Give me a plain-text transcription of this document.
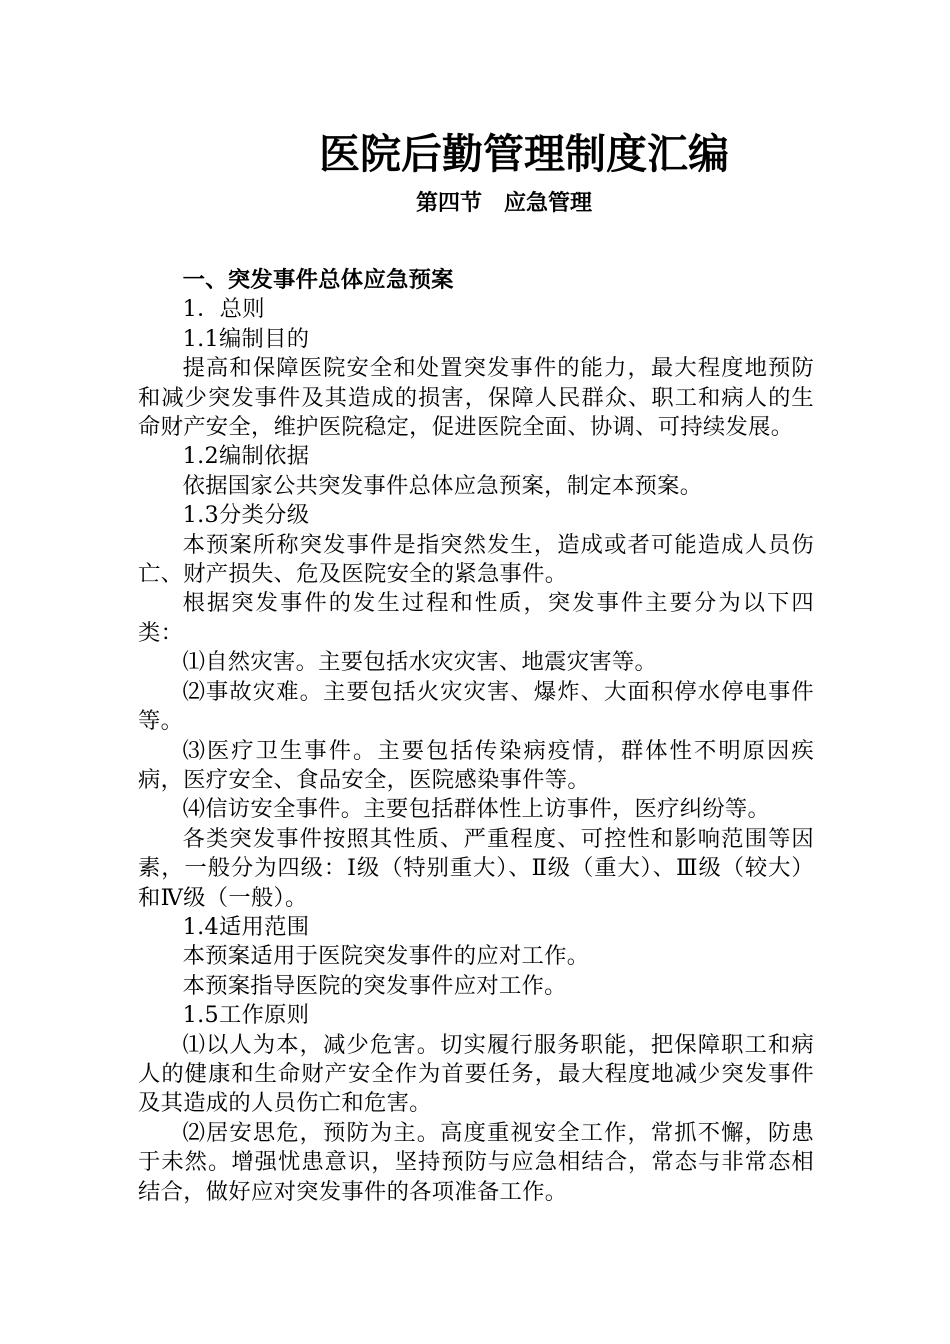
医院后勤管理制度汇编
第四节　应急管理

一、突发事件总体应急预案

1．总则

1.1编制目的

提高和保障医院安全和处置突发事件的能力，最大程度地预防和减少突发事件及其造成的损害，保障人民群众、职工和病人的生命财产安全，维护医院稳定，促进医院全面、协调、可持续发展。

1.2编制依据

依据国家公共突发事件总体应急预案，制定本预案。

1.3分类分级

本预案所称突发事件是指突然发生，造成或者可能造成人员伤亡、财产损失、危及医院安全的紧急事件。

根据突发事件的发生过程和性质，突发事件主要分为以下四类：

⑴自然灾害。主要包括水灾灾害、地震灾害等。

⑵事故灾难。主要包括火灾灾害、爆炸、大面积停水停电事件等。

⑶医疗卫生事件。主要包括传染病疫情，群体性不明原因疾病，医疗安全、食品安全，医院感染事件等。

⑷信访安全事件。主要包括群体性上访事件，医疗纠纷等。

各类突发事件按照其性质、严重程度、可控性和影响范围等因素，一般分为四级：Ⅰ级（特别重大）、Ⅱ级（重大）、Ⅲ级（较大）和Ⅳ级（一般）。

1.4适用范围

本预案适用于医院突发事件的应对工作。

本预案指导医院的突发事件应对工作。

1.5工作原则

⑴以人为本，减少危害。切实履行服务职能，把保障职工和病人的健康和生命财产安全作为首要任务，最大程度地减少突发事件及其造成的人员伤亡和危害。

⑵居安思危，预防为主。高度重视安全工作，常抓不懈，防患于未然。增强忧患意识，坚持预防与应急相结合，常态与非常态相结合，做好应对突发事件的各项准备工作。
